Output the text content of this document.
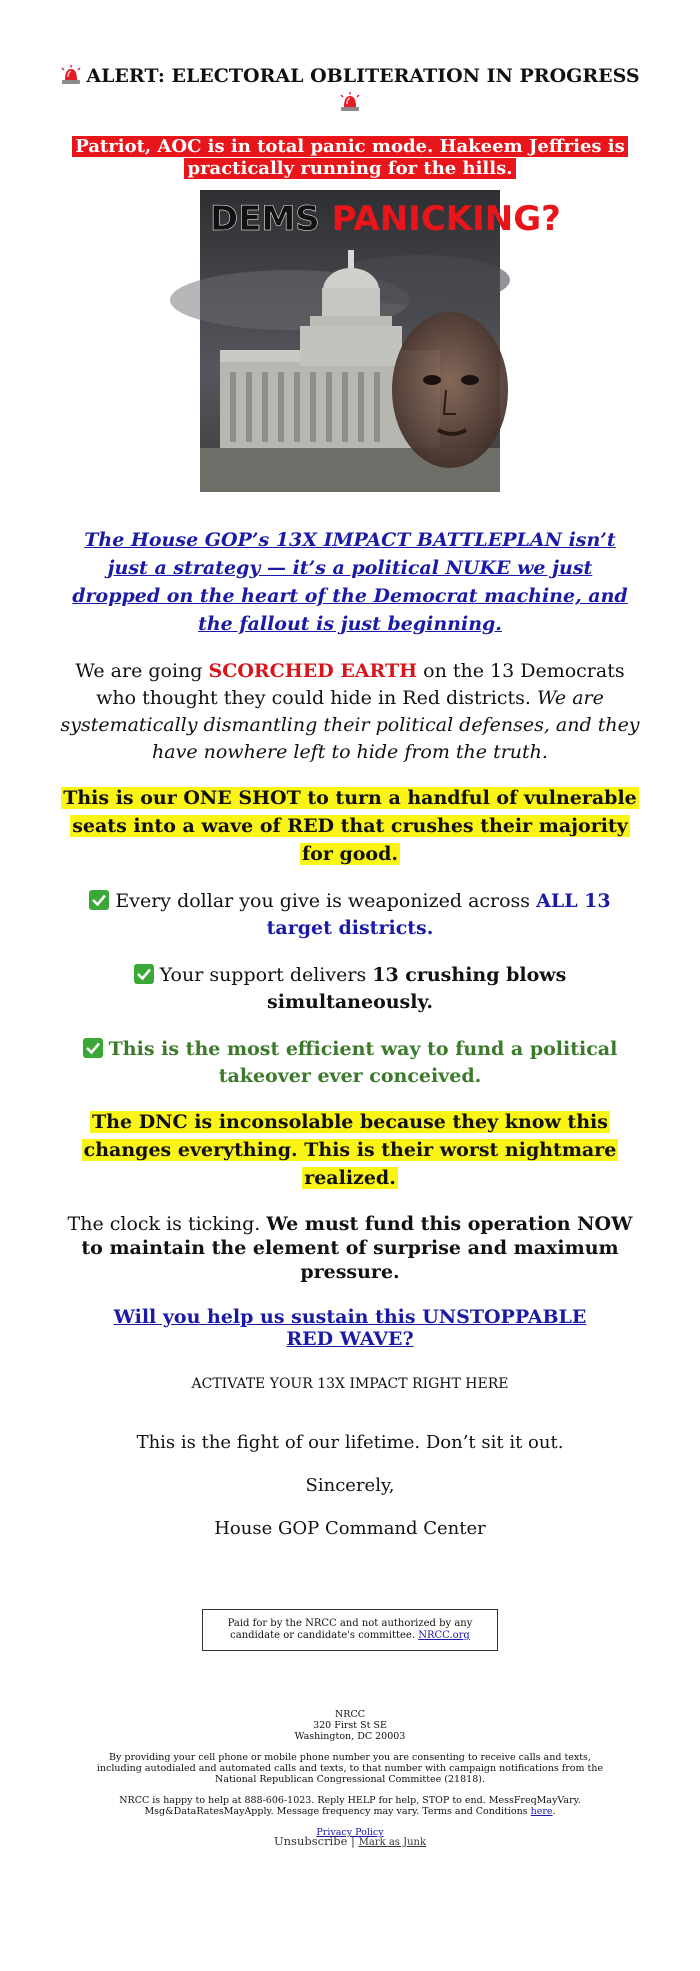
ALERT: ELECTORAL OBLITERATION IN PROGRESS
Patriot, AOC is in total panic mode. Hakeem Jeffries is practically running for the hills.
DEMS PANICKING?
The House GOP’s 13X IMPACT BATTLEPLAN isn’t just a strategy — it’s a political NUKE we just dropped on the heart of the Democrat machine, and the fallout is just beginning.
We are going SCORCHED EARTH on the 13 Democrats who thought they could hide in Red districts. We are systematically dismantling their political defenses, and they have nowhere left to hide from the truth.
This is our ONE SHOT to turn a handful of vulnerable seats into a wave of RED that crushes their majority for good.
Every dollar you give is weaponized across ALL 13 target districts.
Your support delivers 13 crushing blows simultaneously.
This is the most efficient way to fund a political takeover ever conceived.
The DNC is inconsolable because they know this changes everything. This is their worst nightmare realized.
The clock is ticking. We must fund this operation NOW to maintain the element of surprise and maximum pressure.
Will you help us sustain this UNSTOPPABLE RED WAVE?
ACTIVATE YOUR 13X IMPACT RIGHT HERE
This is the fight of our lifetime. Don’t sit it out.
Sincerely,
House GOP Command Center
Paid for by the NRCC and not authorized by any candidate or candidate's committee. NRCC.org

NRCC
320 First St SE
Washington, DC 20003

By providing your cell phone or mobile phone number you are consenting to receive calls and texts, including autodialed and automated calls and texts, to that number with campaign notifications from the National Republican Congressional Committee (21818).

NRCC is happy to help at 888-606-1023. Reply HELP for help, STOP to end. MessFreqMayVary. Msg&DataRatesMayApply. Message frequency may vary. Terms and Conditions here.

Privacy Policy

Unsubscribe | Mark as Junk
